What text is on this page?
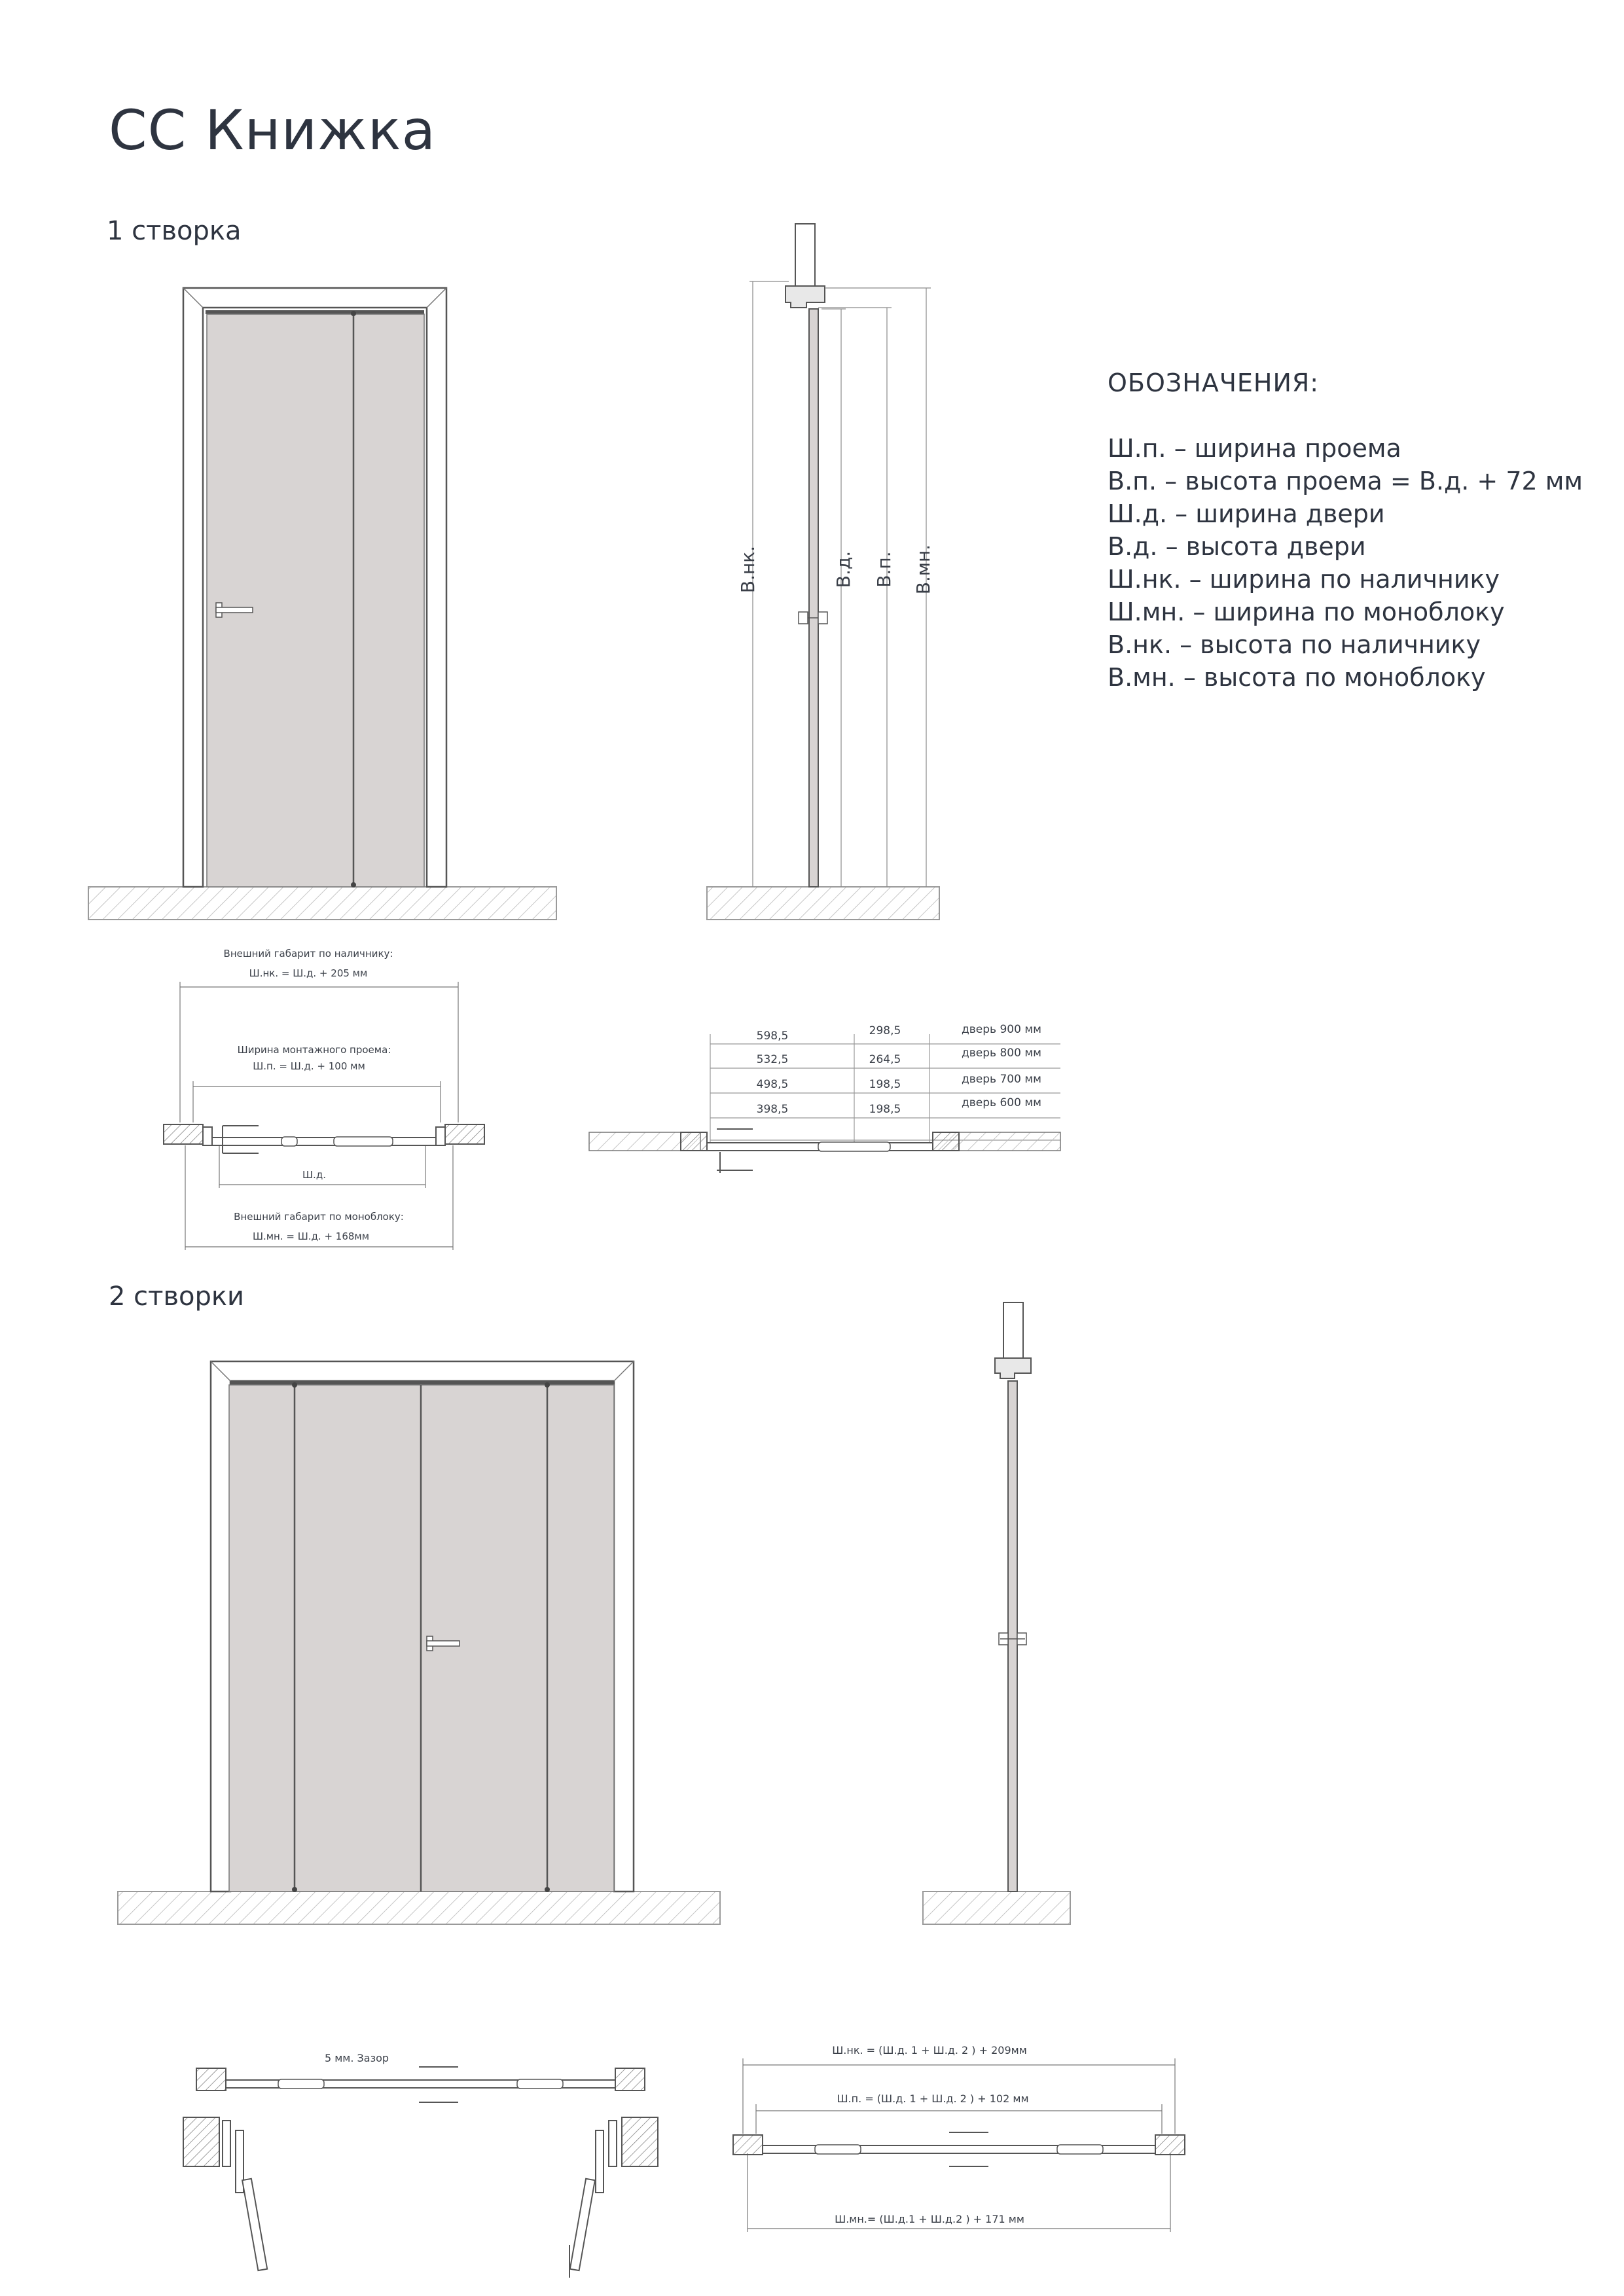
CC Книжка

1 створка

2 створки

ОБОЗНАЧЕНИЯ:
Ш.п. – ширина проема
В.п. – высота проема = В.д. + 72 мм
Ш.д. – ширина двери
В.д. – высота двери
Ш.нк. – ширина по наличнику
Ш.мн. – ширина по моноблоку
В.нк. – высота по наличнику
В.мн. – высота по моноблоку
В.нк.	В.д. В.п. В.мн.
Внешний габарит по наличнику:
Ш.нк. = Ш.д. + 205 мм
Ширина монтажного проема:
Ш.п. = Ш.д. + 100 мм
Ш.д.
Внешний габарит по моноблоку:
Ш.мн. = Ш.д. + 168мм
598,5	298,5	дверь 900 мм
532,5	264,5	дверь 800 мм
498,5	198,5	дверь 700 мм
398,5	198,5	дверь 600 мм
5 мм. Зазор
Ш.нк. = (Ш.д. 1 + Ш.д. 2 ) + 209мм
Ш.п. = (Ш.д. 1 + Ш.д. 2 ) + 102 мм
Ш.мн.= (Ш.д.1 + Ш.д.2 ) + 171 мм
